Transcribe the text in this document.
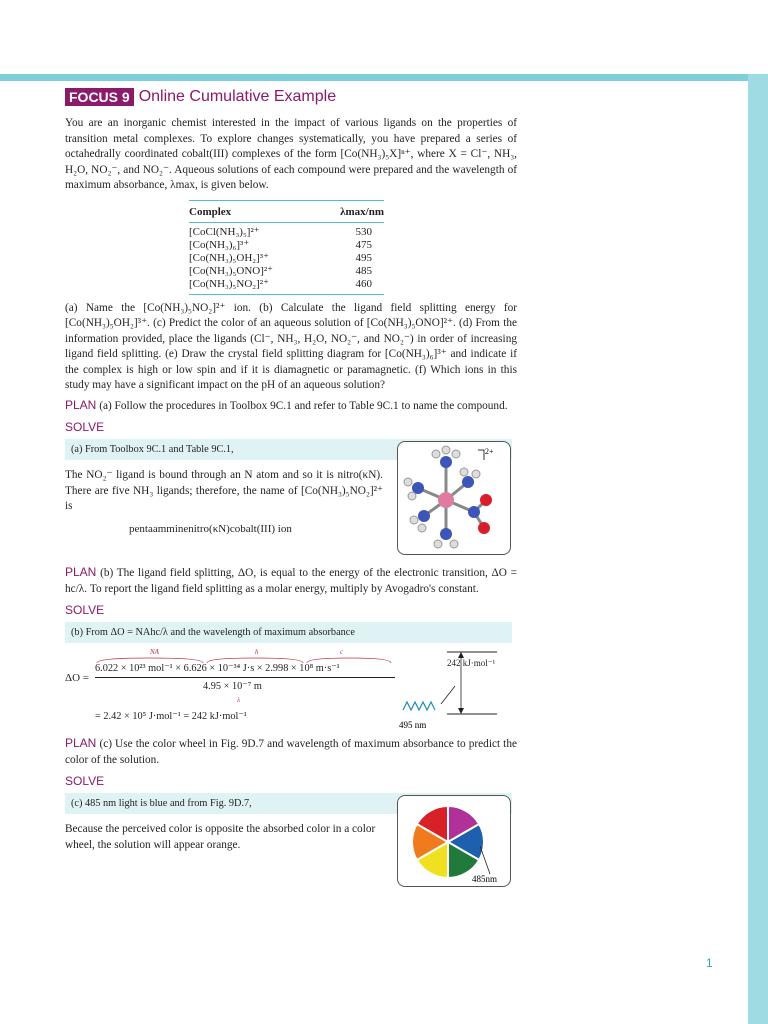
FOCUS 9 Online Cumulative Example

You are an inorganic chemist interested in the impact of various ligands on the properties of transition metal complexes. To explore changes systematically, you have prepared a series of octahedrally coordinated cobalt(III) complexes of the form [Co(NH₃)₅X]ⁿ⁺, where X = Cl⁻, NH₃, H₂O, NO₂⁻, and NO₂⁻. Aqueous solutions of each compound were prepared and the wavelength of maximum absorbance, λmax, is given below.

Complex	λmax/nm
[CoCl(NH₃)₅]²⁺	530
[Co(NH₃)₆]³⁺	475
[Co(NH₃)₅OH₂]³⁺	495
[Co(NH₃)₅ONO]²⁺	485
[Co(NH₃)₅NO₂]²⁺	460

(a) Name the [Co(NH₃)₅NO₂]²⁺ ion. (b) Calculate the ligand field splitting energy for [Co(NH₃)₅OH₂]³⁺. (c) Predict the color of an aqueous solution of [Co(NH₃)₅ONO]²⁺. (d) From the information provided, place the ligands (Cl⁻, NH₃, H₂O, NO₂⁻, and NO₂⁻) in order of increasing ligand field splitting. (e) Draw the crystal field splitting diagram for [Co(NH₃)₆]³⁺ and indicate if the complex is high or low spin and if it is diamagnetic or paramagnetic. (f) Which ions in this study may have a significant impact on the pH of an aqueous solution?

PLAN (a) Follow the procedures in Toolbox 9C.1 and refer to Table 9C.1 to name the compound.

SOLVE
(a) From Toolbox 9C.1 and Table 9C.1,

The NO₂⁻ ligand is bound through an N atom and so it is nitro(κN). There are five NH₃ ligands; therefore, the name of [Co(NH₃)₅NO₂]²⁺ is

pentaamminenitro(κN)cobalt(III) ion
2+

PLAN (b) The ligand field splitting, ΔO, is equal to the energy of the electronic transition, ΔO = hc/λ. To report the ligand field splitting as a molar energy, multiply by Avogadro's constant.

SOLVE
(b) From ΔO = NAhc/λ and the wavelength of maximum absorbance
NA	h	c
ΔO =
6.022 × 10²³ mol⁻¹ × 6.626 × 10⁻³⁴ J·s × 2.998 × 10⁸ m·s⁻¹
4.95 × 10⁻⁷ m
λ
= 2.42 × 10⁵ J·mol⁻¹ = 242 kJ·mol⁻¹
495 nm
242 kJ·mol⁻¹

PLAN (c) Use the color wheel in Fig. 9D.7 and wavelength of maximum absorbance to predict the color of the solution.

SOLVE
(c) 485 nm light is blue and from Fig. 9D.7,

Because the perceived color is opposite the absorbed color in a color wheel, the solution will appear orange.

485nm
1
